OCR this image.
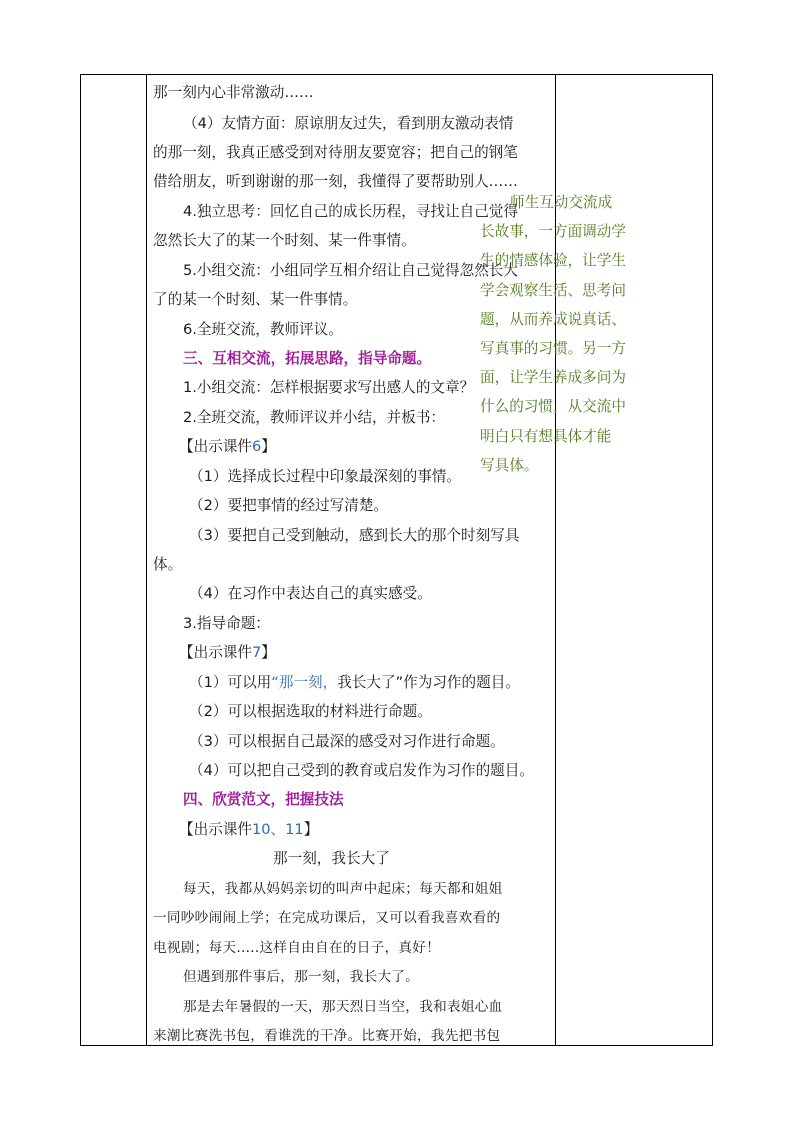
那一刻内心非常激动……
（4）友情方面：原谅朋友过失，看到朋友激动表情
的那一刻，我真正感受到对待朋友要宽容；把自己的钢笔
借给朋友，听到谢谢的那一刻，我懂得了要帮助别人……
4.独立思考：回忆自己的成长历程，寻找让自己觉得
忽然长大了的某一个时刻、某一件事情。
5.小组交流：小组同学互相介绍让自己觉得忽然长大
了的某一个时刻、某一件事情。
6.全班交流，教师评议。
三、互相交流，拓展思路，指导命题。
1.小组交流：怎样根据要求写出感人的文章？
2.全班交流，教师评议并小结，并板书：
【出示课件6】
（1）选择成长过程中印象最深刻的事情。
（2）要把事情的经过写清楚。
（3）要把自己受到触动，感到长大的那个时刻写具
体。
（4）在习作中表达自己的真实感受。
3.指导命题：
【出示课件7】
（1）可以用“那一刻，我长大了”作为习作的题目。
（2）可以根据选取的材料进行命题。
（3）可以根据自己最深的感受对习作进行命题。
（4）可以把自己受到的教育或启发作为习作的题目。
四、欣赏范文，把握技法
【出示课件10、11】
那一刻，我长大了
每天，我都从妈妈亲切的叫声中起床；每天都和姐姐
一同吵吵闹闹上学；在完成功课后，又可以看我喜欢看的
电视剧；每天.....这样自由自在的日子，真好！
但遇到那件事后，那一刻，我长大了。
那是去年暑假的一天，那天烈日当空，我和表姐心血
来潮比赛洗书包，看谁洗的干净。比赛开始，我先把书包
师生互动交流成
长故事，一方面调动学
生的情感体验，让学生
学会观察生活、思考问
题，从而养成说真话、
写真事的习惯。另一方
面，让学生养成多问为
什么的习惯，从交流中
明白只有想具体才能
写具体。
